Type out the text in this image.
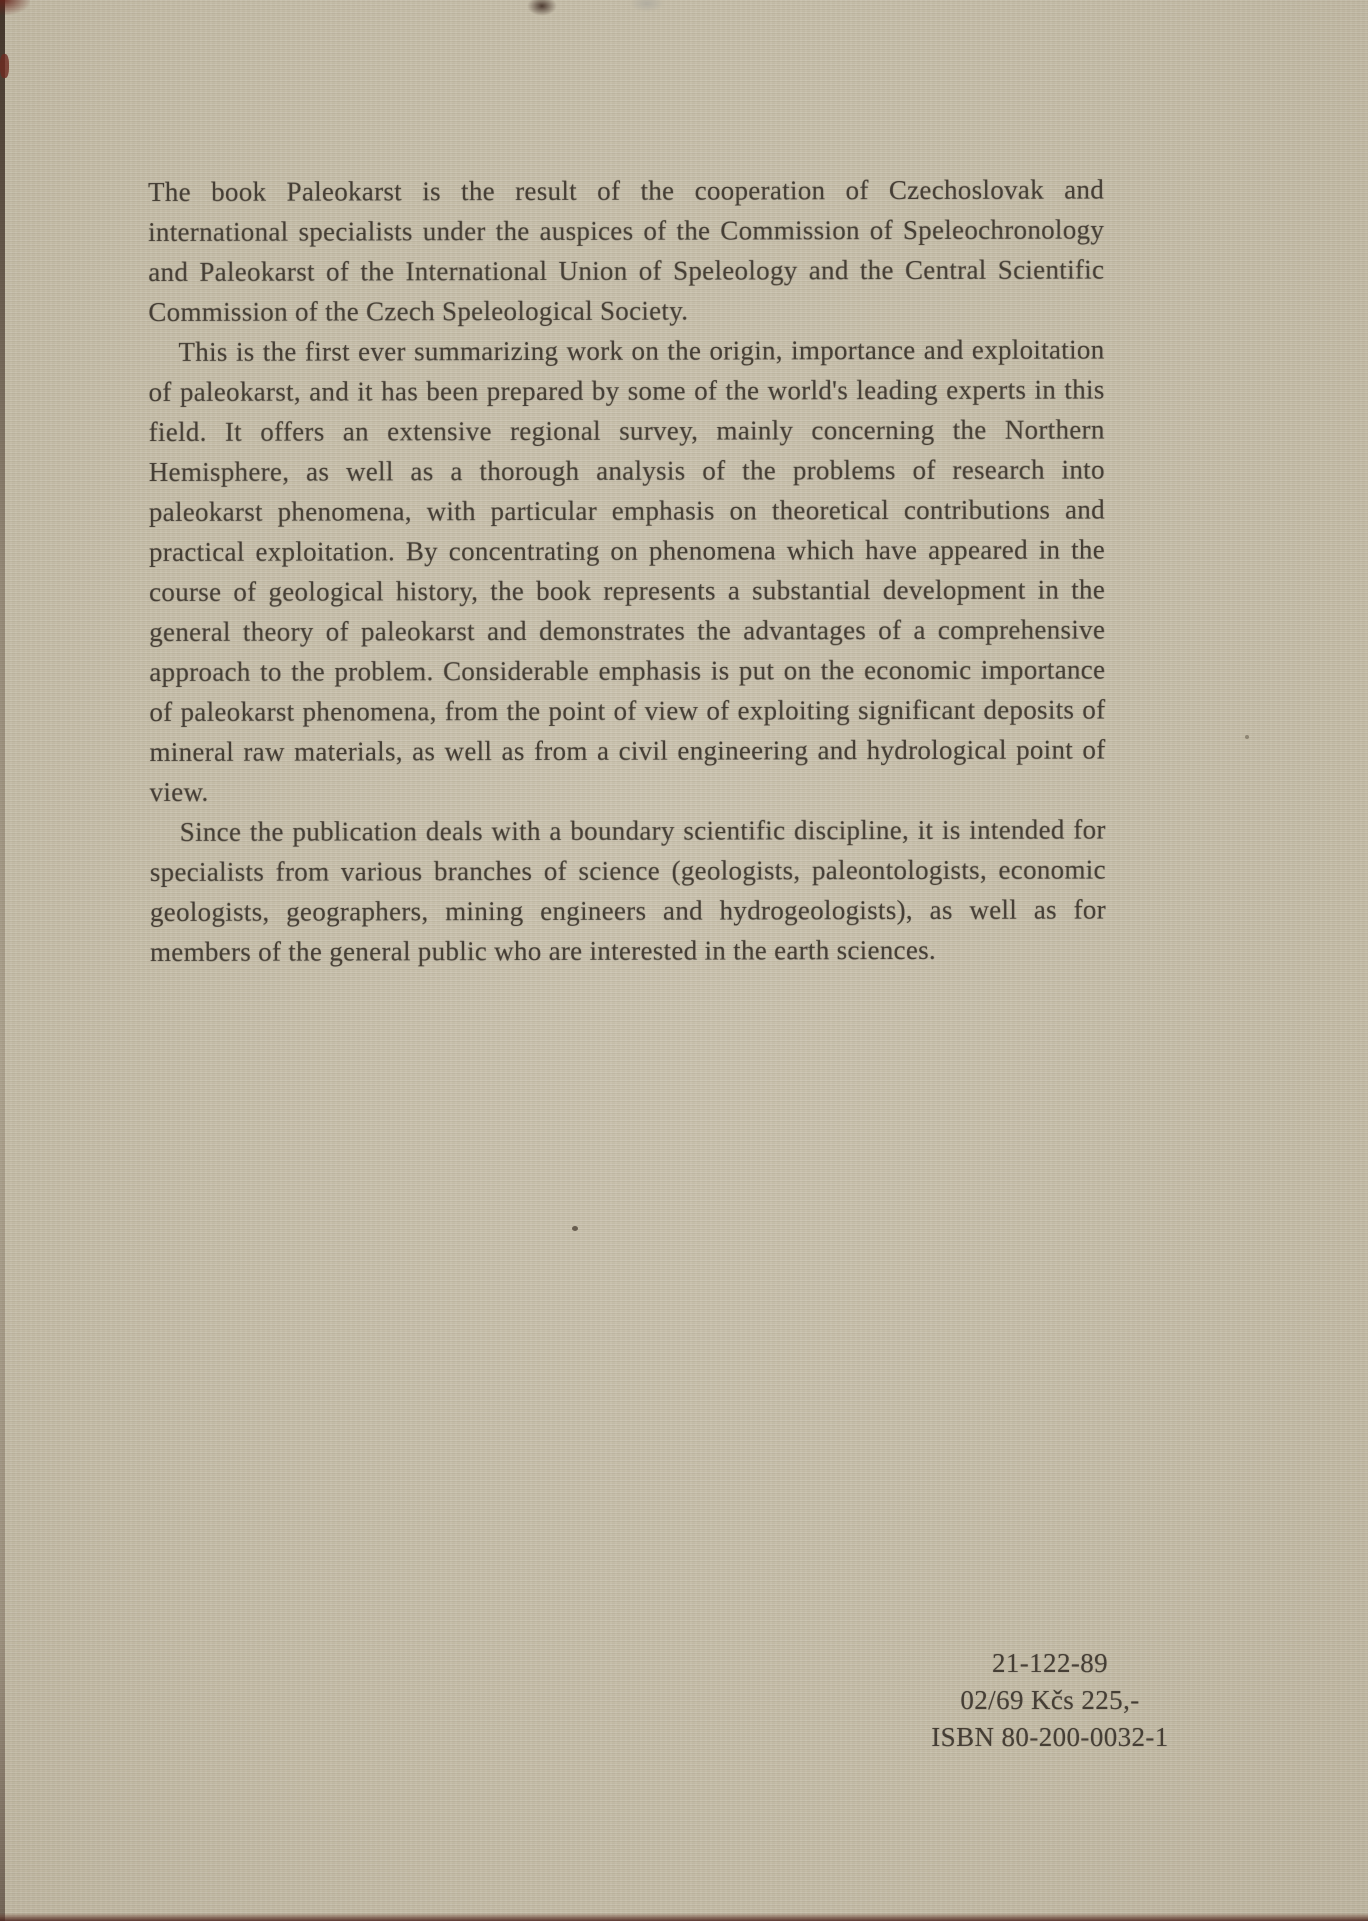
The book Paleokarst is the result of the cooperation of Czechoslovak and international specialists under the auspices of the Commission of Speleochronology and Paleokarst of the International Union of Speleology and the Central Scientific Commission of the Czech Speleological Society.

This is the first ever summarizing work on the origin, importance and exploitation of paleokarst, and it has been prepared by some of the world's leading experts in this field. It offers an extensive regional survey, mainly concerning the Northern Hemisphere, as well as a thorough analysis of the problems of research into paleokarst phenomena, with particular emphasis on theoretical contributions and practical exploitation. By concentrating on phenomena which have appeared in the course of geological history, the book represents a substantial development in the general theory of paleokarst and demonstrates the advantages of a comprehensive approach to the problem. Considerable emphasis is put on the economic importance of paleokarst phenomena, from the point of view of exploiting significant deposits of mineral raw materials, as well as from a civil engineering and hydrological point of view.

Since the publication deals with a boundary scientific discipline, it is intended for specialists from various branches of science (geologists, paleontologists, economic geologists, geographers, mining engineers and hydrogeologists), as well as for members of the general public who are interested in the earth sciences.

21-122-89
02/69 Kčs 225,-
ISBN 80-200-0032-1
